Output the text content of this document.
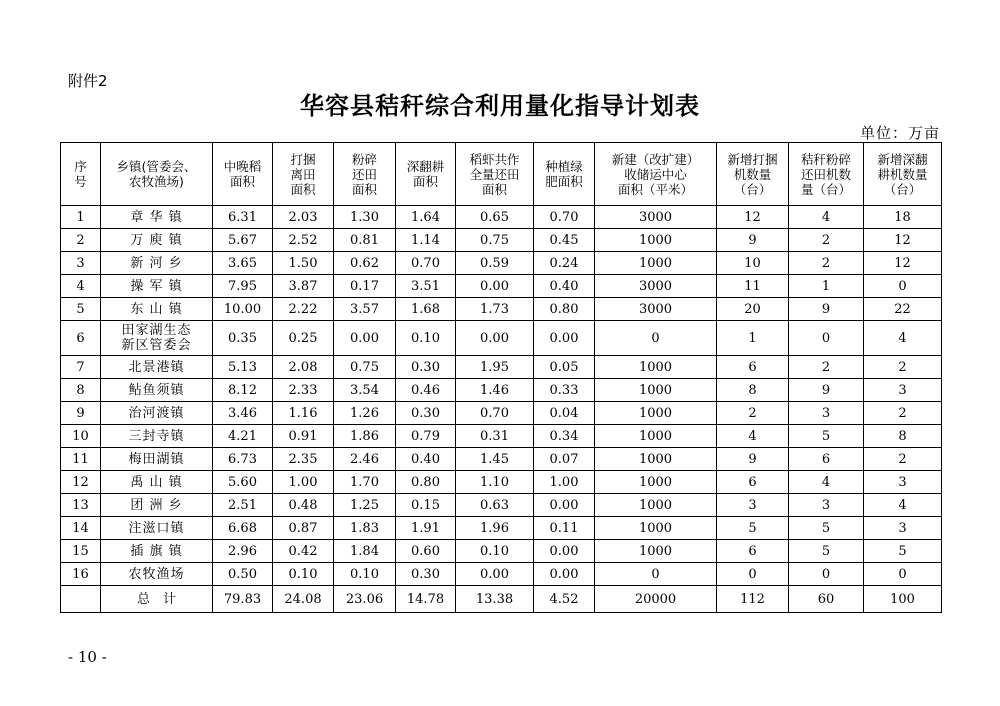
附件2
华容县秸秆综合利用量化指导计划表
单位：万亩
序
号	乡镇(管委会、
农牧渔场)	中晚稻
面积	打捆
离田
面积	粉碎
还田
面积	深翻耕
面积	稻虾共作
全量还田
面积	种植绿
肥面积	新建（改扩建）
收储运中心
面积（平米）	新增打捆
机数量
（台）	秸秆粉碎
还田机数
量（台）	新增深翻
耕机数量
（台）
1	章 华 镇	6.31	2.03	1.30	1.64	0.65	0.70	3000	12	4	18
2	万 庾 镇	5.67	2.52	0.81	1.14	0.75	0.45	1000	9	2	12
3	新 河 乡	3.65	1.50	0.62	0.70	0.59	0.24	1000	10	2	12
4	操 军 镇	7.95	3.87	0.17	3.51	0.00	0.40	3000	11	1	0
5	东 山 镇	10.00	2.22	3.57	1.68	1.73	0.80	3000	20	9	22
6	田家湖生态
新区管委会	0.35	0.25	0.00	0.10	0.00	0.00	0	1	0	4
7	北景港镇	5.13	2.08	0.75	0.30	1.95	0.05	1000	6	2	2
8	鲇鱼须镇	8.12	2.33	3.54	0.46	1.46	0.33	1000	8	9	3
9	治河渡镇	3.46	1.16	1.26	0.30	0.70	0.04	1000	2	3	2
10	三封寺镇	4.21	0.91	1.86	0.79	0.31	0.34	1000	4	5	8
11	梅田湖镇	6.73	2.35	2.46	0.40	1.45	0.07	1000	9	6	2
12	禹 山 镇	5.60	1.00	1.70	0.80	1.10	1.00	1000	6	4	3
13	团 洲 乡	2.51	0.48	1.25	0.15	0.63	0.00	1000	3	3	4
14	注滋口镇	6.68	0.87	1.83	1.91	1.96	0.11	1000	5	5	3
15	插 旗 镇	2.96	0.42	1.84	0.60	0.10	0.00	1000	6	5	5
16	农牧渔场	0.50	0.10	0.10	0.30	0.00	0.00	0	0	0	0
	总　计	79.83	24.08	23.06	14.78	13.38	4.52	20000	112	60	100
- 10 -
